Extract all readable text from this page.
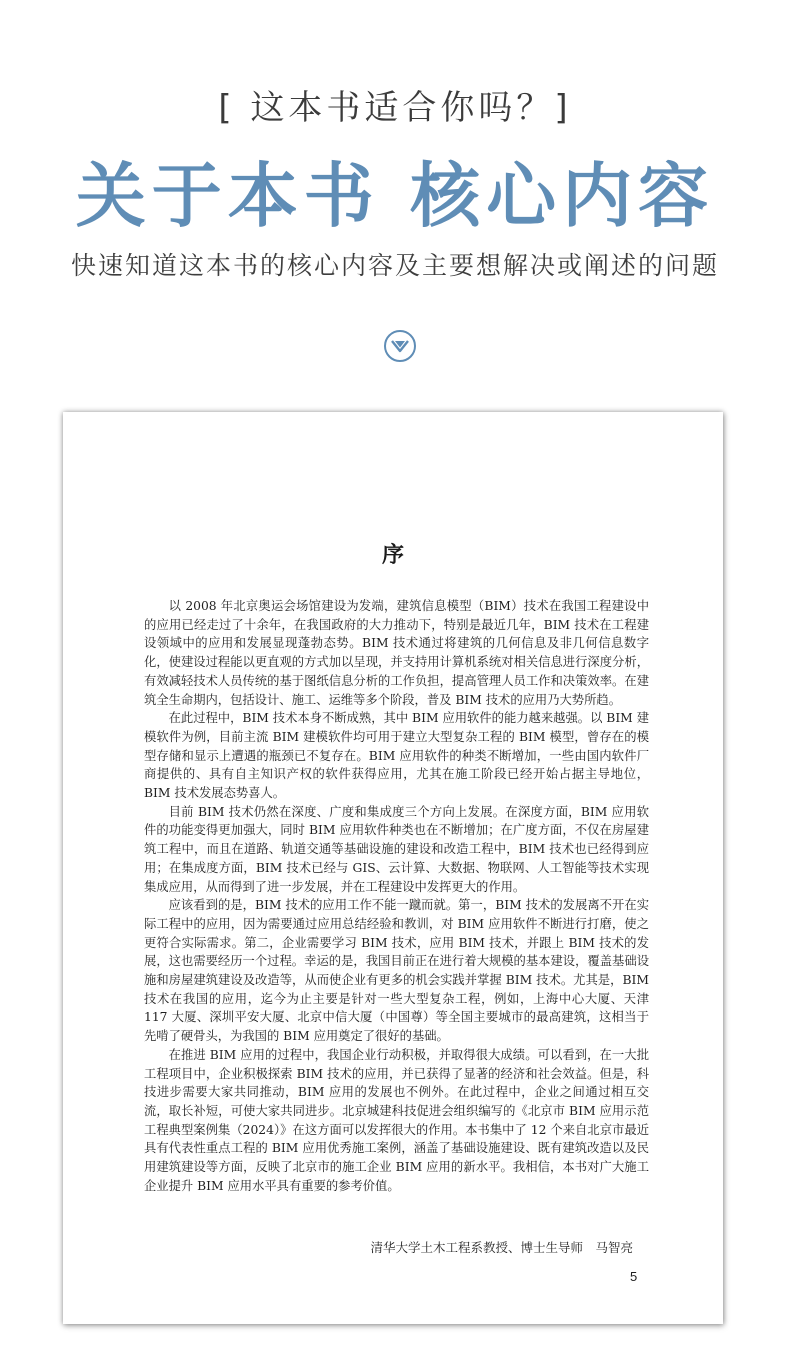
[ 这本书适合你吗？]
关于本书 核心内容
快速知道这本书的核心内容及主要想解决或阐述的问题
序

以 2008 年北京奥运会场馆建设为发端，建筑信息模型（BIM）技术在我国工程建设中的应用已经走过了十余年，在我国政府的大力推动下，特别是最近几年，BIM 技术在工程建设领域中的应用和发展显现蓬勃态势。BIM 技术通过将建筑的几何信息及非几何信息数字化，使建设过程能以更直观的方式加以呈现，并支持用计算机系统对相关信息进行深度分析，有效减轻技术人员传统的基于图纸信息分析的工作负担，提高管理人员工作和决策效率。在建筑全生命期内，包括设计、施工、运维等多个阶段，普及 BIM 技术的应用乃大势所趋。

在此过程中，BIM 技术本身不断成熟，其中 BIM 应用软件的能力越来越强。以 BIM 建模软件为例，目前主流 BIM 建模软件均可用于建立大型复杂工程的 BIM 模型，曾存在的模型存储和显示上遭遇的瓶颈已不复存在。BIM 应用软件的种类不断增加，一些由国内软件厂商提供的、具有自主知识产权的软件获得应用，尤其在施工阶段已经开始占据主导地位，BIM 技术发展态势喜人。

目前 BIM 技术仍然在深度、广度和集成度三个方向上发展。在深度方面，BIM 应用软件的功能变得更加强大，同时 BIM 应用软件种类也在不断增加；在广度方面，不仅在房屋建筑工程中，而且在道路、轨道交通等基础设施的建设和改造工程中，BIM 技术也已经得到应用；在集成度方面，BIM 技术已经与 GIS、云计算、大数据、物联网、人工智能等技术实现集成应用，从而得到了进一步发展，并在工程建设中发挥更大的作用。

应该看到的是，BIM 技术的应用工作不能一蹴而就。第一，BIM 技术的发展离不开在实际工程中的应用，因为需要通过应用总结经验和教训，对 BIM 应用软件不断进行打磨，使之更符合实际需求。第二，企业需要学习 BIM 技术，应用 BIM 技术，并跟上 BIM 技术的发展，这也需要经历一个过程。幸运的是，我国目前正在进行着大规模的基本建设，覆盖基础设施和房屋建筑建设及改造等，从而使企业有更多的机会实践并掌握 BIM 技术。尤其是，BIM 技术在我国的应用，迄今为止主要是针对一些大型复杂工程，例如，上海中心大厦、天津 117 大厦、深圳平安大厦、北京中信大厦（中国尊）等全国主要城市的最高建筑，这相当于先啃了硬骨头，为我国的 BIM 应用奠定了很好的基础。

在推进 BIM 应用的过程中，我国企业行动积极，并取得很大成绩。可以看到，在一大批工程项目中，企业积极探索 BIM 技术的应用，并已获得了显著的经济和社会效益。但是，科技进步需要大家共同推动，BIM 应用的发展也不例外。在此过程中，企业之间通过相互交流，取长补短，可使大家共同进步。北京城建科技促进会组织编写的《北京市 BIM 应用示范工程典型案例集（2024）》在这方面可以发挥很大的作用。本书集中了 12 个来自北京市最近具有代表性重点工程的 BIM 应用优秀施工案例，涵盖了基础设施建设、既有建筑改造以及民用建筑建设等方面，反映了北京市的施工企业 BIM 应用的新水平。我相信，本书对广大施工企业提升 BIM 应用水平具有重要的参考价值。

清华大学土木工程系教授、博士生导师　马智亮
5
